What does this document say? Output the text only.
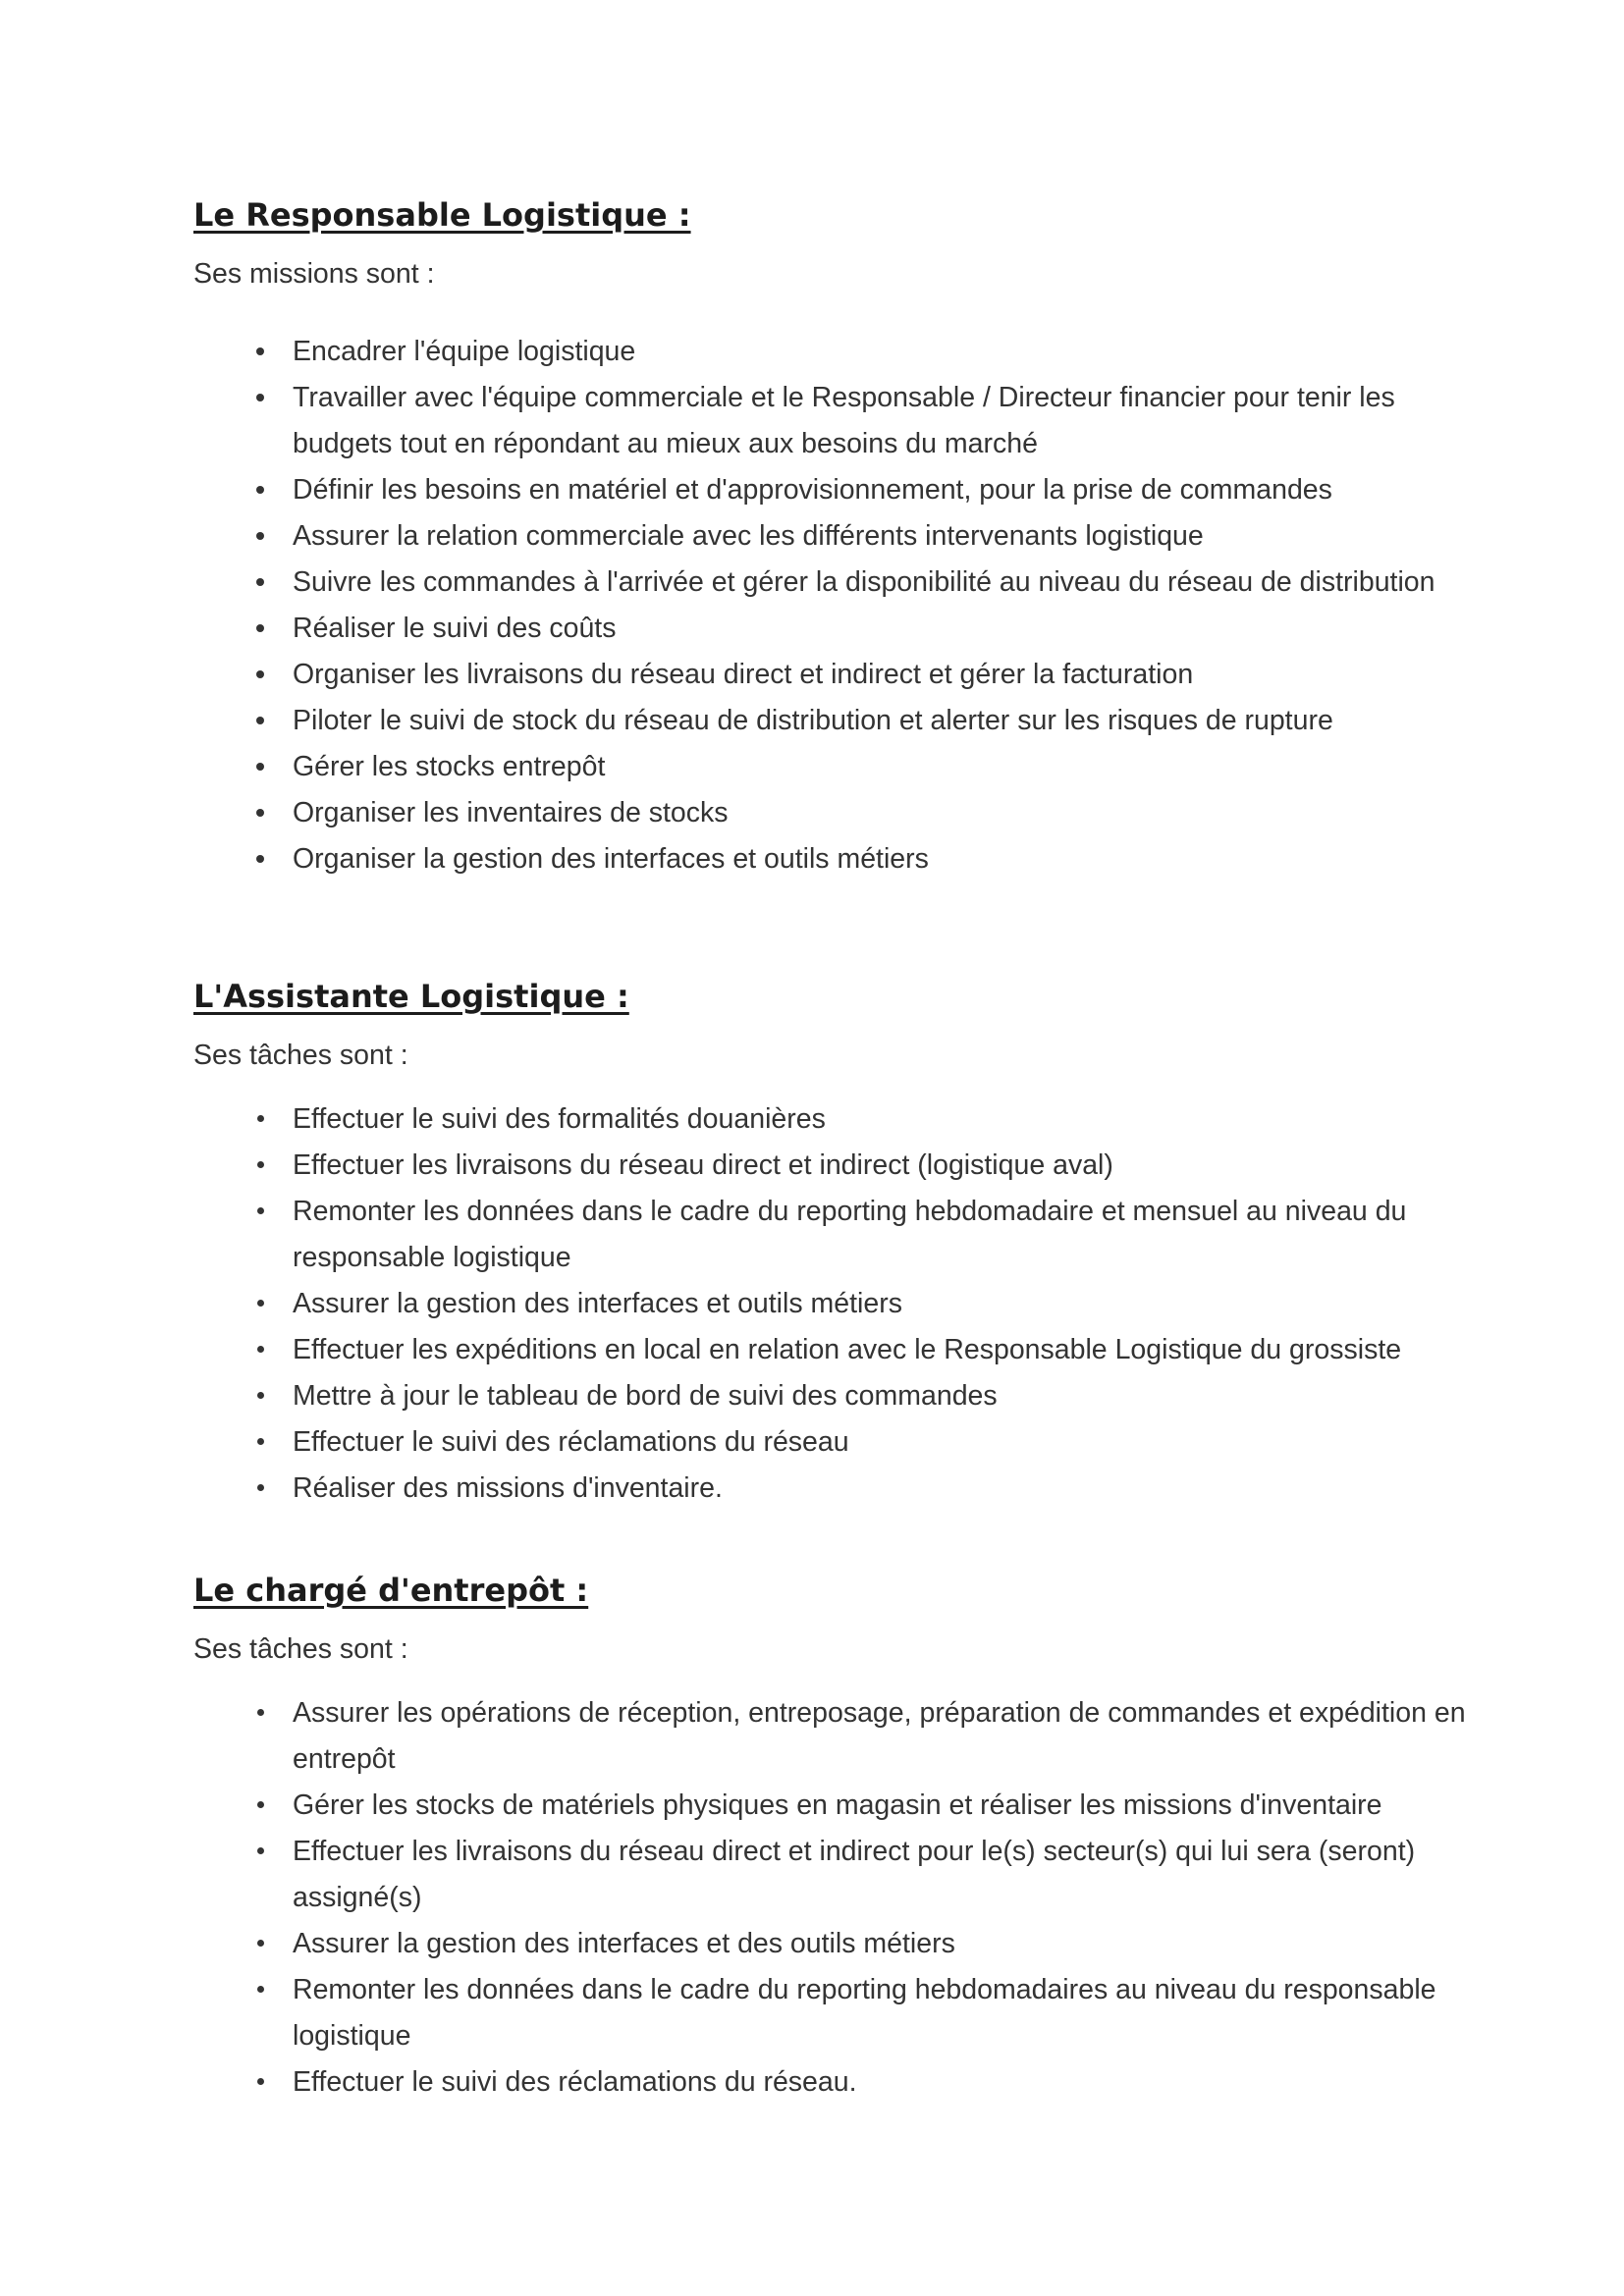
Le Responsable Logistique :

Ses missions sont :

Encadrer l'équipe logistique
Travailler avec l'équipe commerciale et le Responsable / Directeur financier pour tenir les budgets tout en répondant au mieux aux besoins du marché
Définir les besoins en matériel et d'approvisionnement, pour la prise de commandes
Assurer la relation commerciale avec les différents intervenants logistique
Suivre les commandes à l'arrivée et gérer la disponibilité au niveau du réseau de distribution
Réaliser le suivi des coûts
Organiser les livraisons du réseau direct et indirect et gérer la facturation
Piloter le suivi de stock du réseau de distribution et alerter sur les risques de rupture
Gérer les stocks entrepôt
Organiser les inventaires de stocks
Organiser la gestion des interfaces et outils métiers
L'Assistante Logistique :

Ses tâches sont :

Effectuer le suivi des formalités douanières
Effectuer les livraisons du réseau direct et indirect (logistique aval)
Remonter les données dans le cadre du reporting hebdomadaire et mensuel au niveau du responsable logistique
Assurer la gestion des interfaces et outils métiers
Effectuer les expéditions en local en relation avec le Responsable Logistique du grossiste
Mettre à jour le tableau de bord de suivi des commandes
Effectuer le suivi des réclamations du réseau
Réaliser des missions d'inventaire.
Le chargé d'entrepôt :

Ses tâches sont :

Assurer les opérations de réception, entreposage, préparation de commandes et expédition en entrepôt
Gérer les stocks de matériels physiques en magasin et réaliser les missions d'inventaire
Effectuer les livraisons du réseau direct et indirect pour le(s) secteur(s) qui lui sera (seront) assigné(s)
Assurer la gestion des interfaces et des outils métiers
Remonter les données dans le cadre du reporting hebdomadaires au niveau du responsable logistique
Effectuer le suivi des réclamations du réseau.
